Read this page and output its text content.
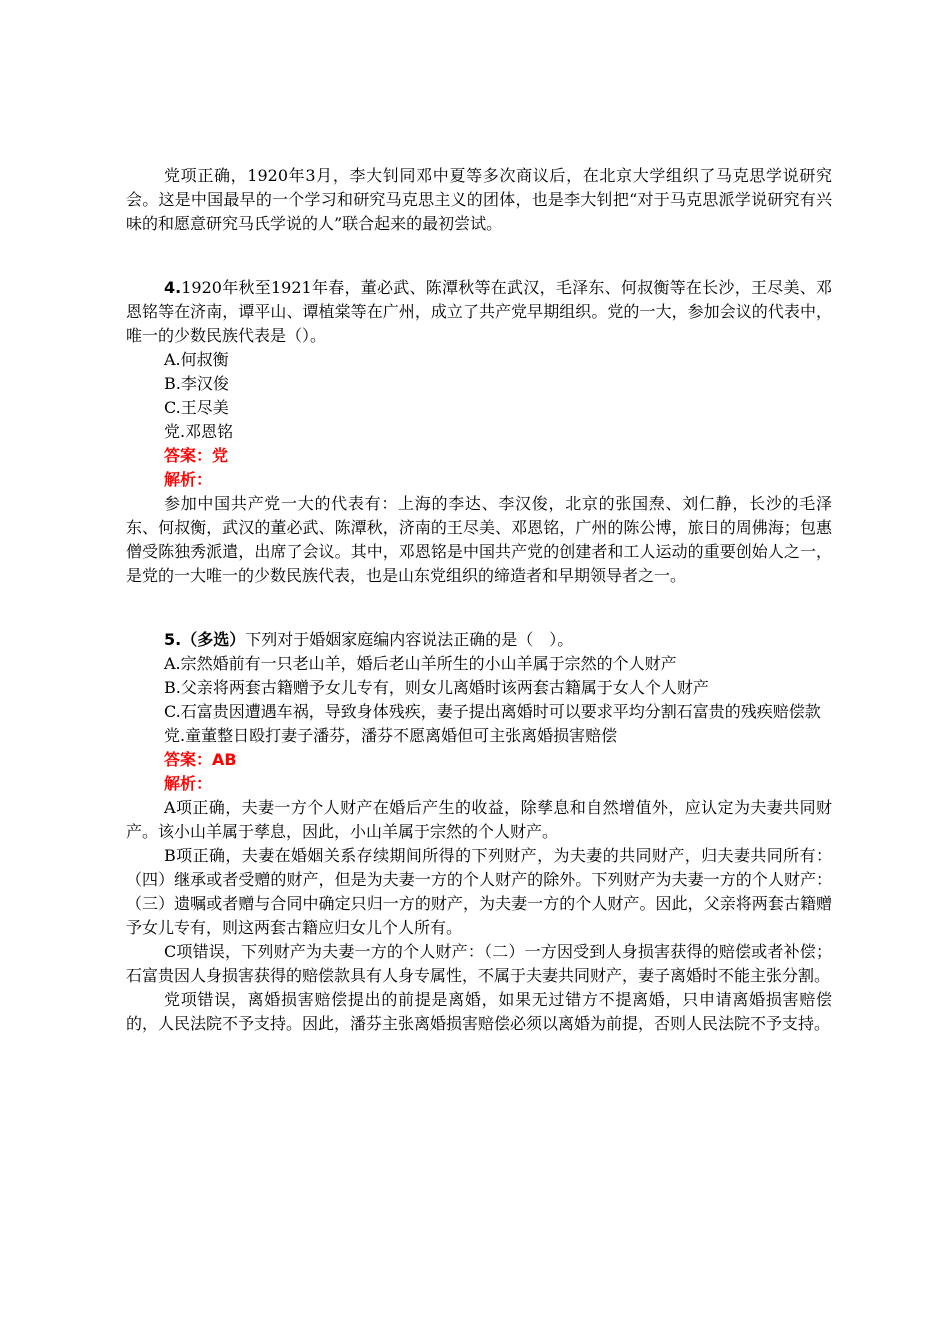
党项正确，1920年3月，李大钊同邓中夏等多次商议后，在北京大学组织了马克思学说研究会。这是中国最早的一个学习和研究马克思主义的团体，也是李大钊把“对于马克思派学说研究有兴味的和愿意研究马氏学说的人”联合起来的最初尝试。

4.1920年秋至1921年春，董必武、陈潭秋等在武汉，毛泽东、何叔衡等在长沙，王尽美、邓恩铭等在济南，谭平山、谭植棠等在广州，成立了共产党早期组织。党的一大，参加会议的代表中，唯一的少数民族代表是（）。

A.何叔衡

B.李汉俊

C.王尽美

党.邓恩铭

答案：党

解析：

参加中国共产党一大的代表有：上海的李达、李汉俊，北京的张国焘、刘仁静，长沙的毛泽东、何叔衡，武汉的董必武、陈潭秋，济南的王尽美、邓恩铭，广州的陈公博，旅日的周佛海；包惠僧受陈独秀派遣，出席了会议。其中，邓恩铭是中国共产党的创建者和工人运动的重要创始人之一，是党的一大唯一的少数民族代表，也是山东党组织的缔造者和早期领导者之一。

5.（多选）下列对于婚姻家庭编内容说法正确的是（　）。

A.宗然婚前有一只老山羊，婚后老山羊所生的小山羊属于宗然的个人财产

B.父亲将两套古籍赠予女儿专有，则女儿离婚时该两套古籍属于女人个人财产

C.石富贵因遭遇车祸，导致身体残疾，妻子提出离婚时可以要求平均分割石富贵的残疾赔偿款

党.童董整日殴打妻子潘芬，潘芬不愿离婚但可主张离婚损害赔偿

答案：AB

解析：

A项正确，夫妻一方个人财产在婚后产生的收益，除孳息和自然增值外，应认定为夫妻共同财产。该小山羊属于孳息，因此，小山羊属于宗然的个人财产。

B项正确，夫妻在婚姻关系存续期间所得的下列财产，为夫妻的共同财产，归夫妻共同所有：（四）继承或者受赠的财产，但是为夫妻一方的个人财产的除外。下列财产为夫妻一方的个人财产：（三）遗嘱或者赠与合同中确定只归一方的财产，为夫妻一方的个人财产。因此，父亲将两套古籍赠予女儿专有，则这两套古籍应归女儿个人所有。

C项错误，下列财产为夫妻一方的个人财产：（二）一方因受到人身损害获得的赔偿或者补偿；石富贵因人身损害获得的赔偿款具有人身专属性，不属于夫妻共同财产，妻子离婚时不能主张分割。

党项错误，离婚损害赔偿提出的前提是离婚，如果无过错方不提离婚，只申请离婚损害赔偿的，人民法院不予支持。因此，潘芬主张离婚损害赔偿必须以离婚为前提，否则人民法院不予支持。
